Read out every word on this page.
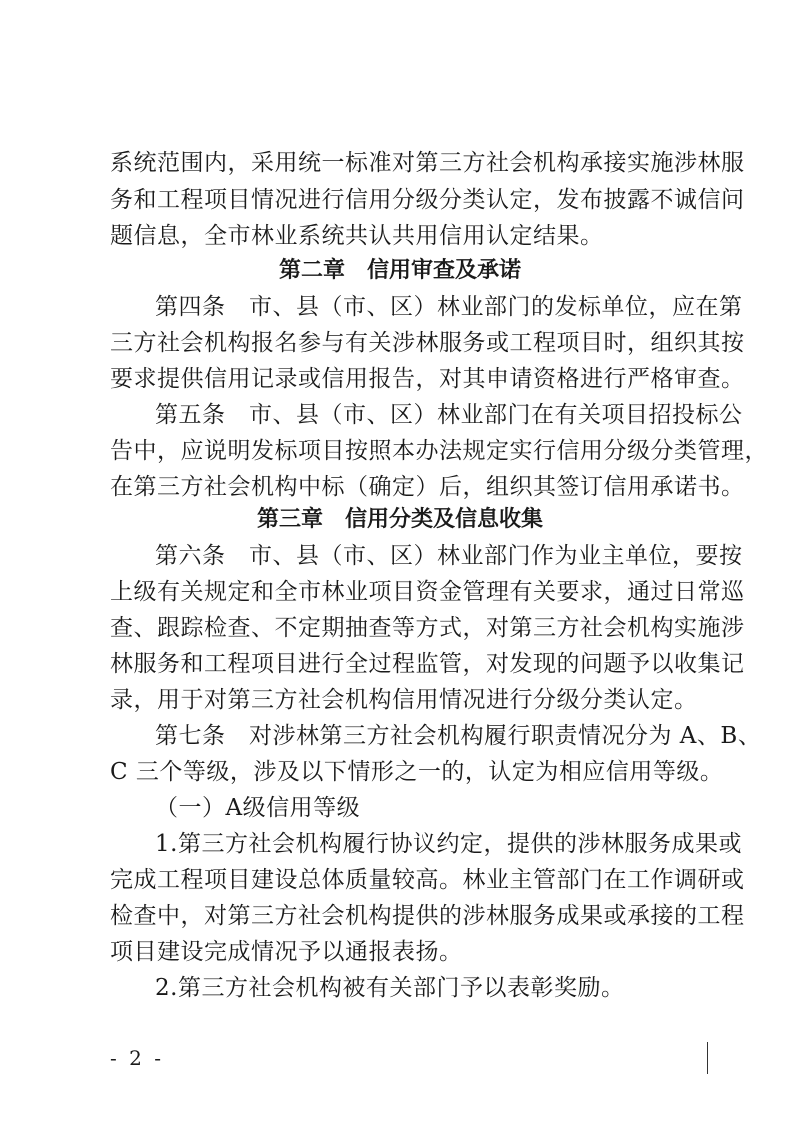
系统范围内，采用统一标准对第三方社会机构承接实施涉林服
务和工程项目情况进行信用分级分类认定，发布披露不诚信问
题信息，全市林业系统共认共用信用认定结果。
第二章　信用审查及承诺
第四条　市、县（市、区）林业部门的发标单位，应在第
三方社会机构报名参与有关涉林服务或工程项目时，组织其按
要求提供信用记录或信用报告，对其申请资格进行严格审查。
第五条　市、县（市、区）林业部门在有关项目招投标公
告中，应说明发标项目按照本办法规定实行信用分级分类管理，
在第三方社会机构中标（确定）后，组织其签订信用承诺书。
第三章　信用分类及信息收集
第六条　市、县（市、区）林业部门作为业主单位，要按
上级有关规定和全市林业项目资金管理有关要求，通过日常巡
查、跟踪检查、不定期抽查等方式，对第三方社会机构实施涉
林服务和工程项目进行全过程监管，对发现的问题予以收集记
录，用于对第三方社会机构信用情况进行分级分类认定。
第七条　对涉林第三方社会机构履行职责情况分为 A、B、
C 三个等级，涉及以下情形之一的，认定为相应信用等级。
（一）A级信用等级
1.第三方社会机构履行协议约定，提供的涉林服务成果或
完成工程项目建设总体质量较高。林业主管部门在工作调研或
检查中，对第三方社会机构提供的涉林服务成果或承接的工程
项目建设完成情况予以通报表扬。
2.第三方社会机构被有关部门予以表彰奖励。
- 2 -
